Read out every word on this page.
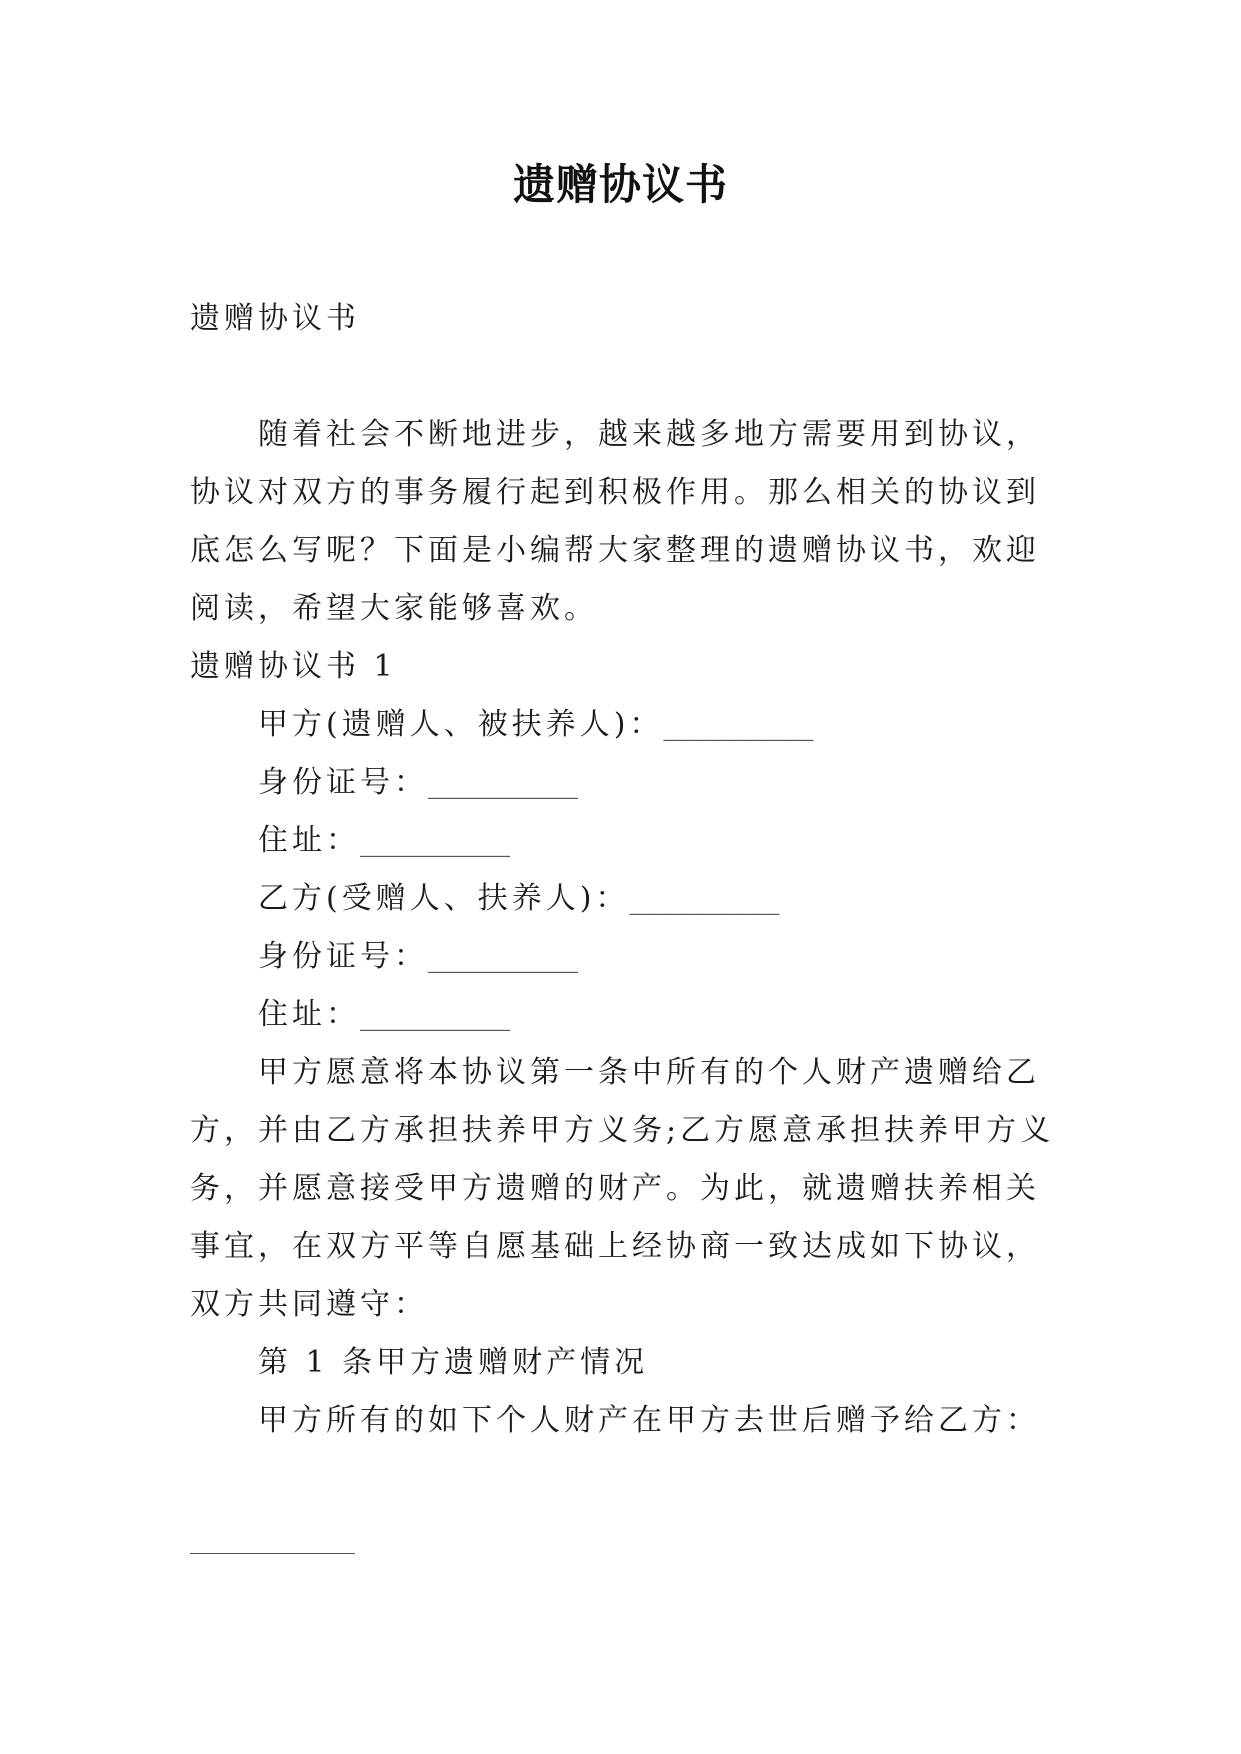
遗赠协议书

遗赠协议书

随着社会不断地进步，越来越多地方需要用到协议，协议对双方的事务履行起到积极作用。那么相关的协议到底怎么写呢？下面是小编帮大家整理的遗赠协议书，欢迎阅读，希望大家能够喜欢。

遗赠协议书 1

甲方(遗赠人、被扶养人)：__________
身份证号：__________
住址：__________
乙方(受赠人、扶养人)：__________
身份证号：__________
住址：__________

甲方愿意将本协议第一条中所有的个人财产遗赠给乙方，并由乙方承担扶养甲方义务;乙方愿意承担扶养甲方义务，并愿意接受甲方遗赠的财产。为此，就遗赠扶养相关事宜，在双方平等自愿基础上经协商一致达成如下协议，双方共同遵守：

第 1 条甲方遗赠财产情况

甲方所有的如下个人财产在甲方去世后赠予给乙方：
